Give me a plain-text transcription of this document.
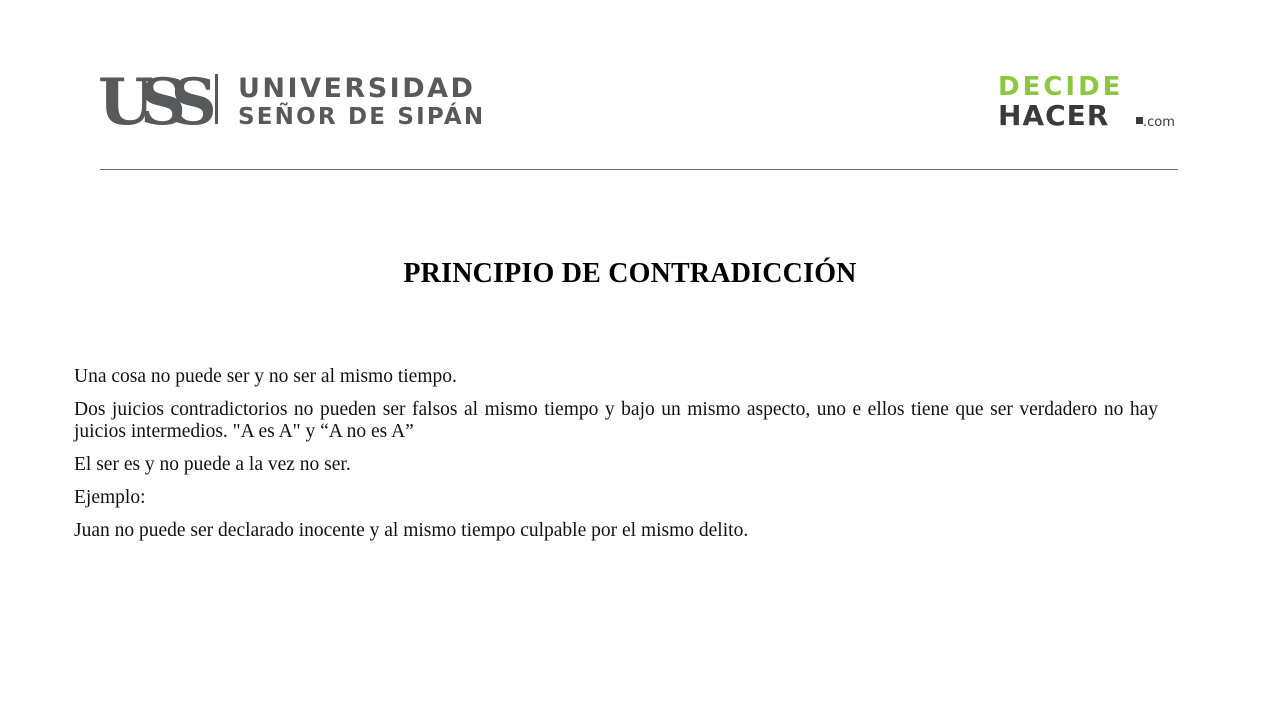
USS	UNIVERSIDAD
SEÑOR DE SIPÁN
DECIDE
HACER	.com
PRINCIPIO DE CONTRADICCIÓN

Una cosa no puede ser y no ser al mismo tiempo.

Dos juicios contradictorios no pueden ser falsos al mismo tiempo y bajo un mismo aspecto, uno e ellos tiene que ser verdadero no hay juicios intermedios. "A es A" y “A no es A”

El ser es y no puede a la vez no ser.

Ejemplo:

Juan no puede ser declarado inocente y al mismo tiempo culpable por el mismo delito.
